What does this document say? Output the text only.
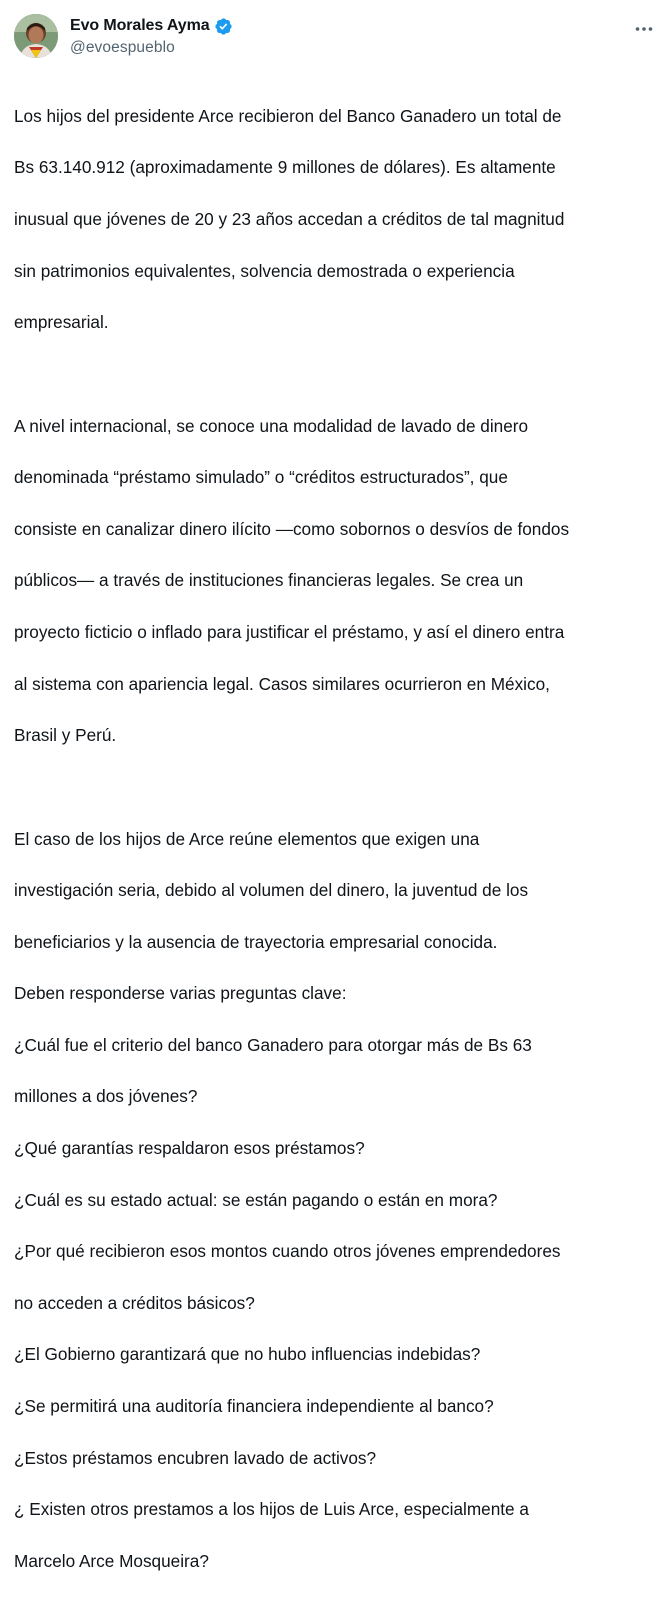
Evo Morales Ayma
@evoespueblo

Los hijos del presidente Arce recibieron del Banco Ganadero un total de

Bs 63.140.912 (aproximadamente 9 millones de dólares). Es altamente

inusual que jóvenes de 20 y 23 años accedan a créditos de tal magnitud

sin patrimonios equivalentes, solvencia demostrada o experiencia

empresarial.

A nivel internacional, se conoce una modalidad de lavado de dinero

denominada “préstamo simulado” o “créditos estructurados”, que

consiste en canalizar dinero ilícito —como sobornos o desvíos de fondos

públicos— a través de instituciones financieras legales. Se crea un

proyecto ficticio o inflado para justificar el préstamo, y así el dinero entra

al sistema con apariencia legal. Casos similares ocurrieron en México,

Brasil y Perú.

El caso de los hijos de Arce reúne elementos que exigen una

investigación seria, debido al volumen del dinero, la juventud de los

beneficiarios y la ausencia de trayectoria empresarial conocida.

Deben responderse varias preguntas clave:

¿Cuál fue el criterio del banco Ganadero para otorgar más de Bs 63

millones a dos jóvenes?

¿Qué garantías respaldaron esos préstamos?

¿Cuál es su estado actual: se están pagando o están en mora?

¿Por qué recibieron esos montos cuando otros jóvenes emprendedores

no acceden a créditos básicos?

¿El Gobierno garantizará que no hubo influencias indebidas?

¿Se permitirá una auditoría financiera independiente al banco?

¿Estos préstamos encubren lavado de activos?

¿ Existen otros prestamos a los hijos de Luis Arce, especialmente a

Marcelo Arce Mosqueira?
